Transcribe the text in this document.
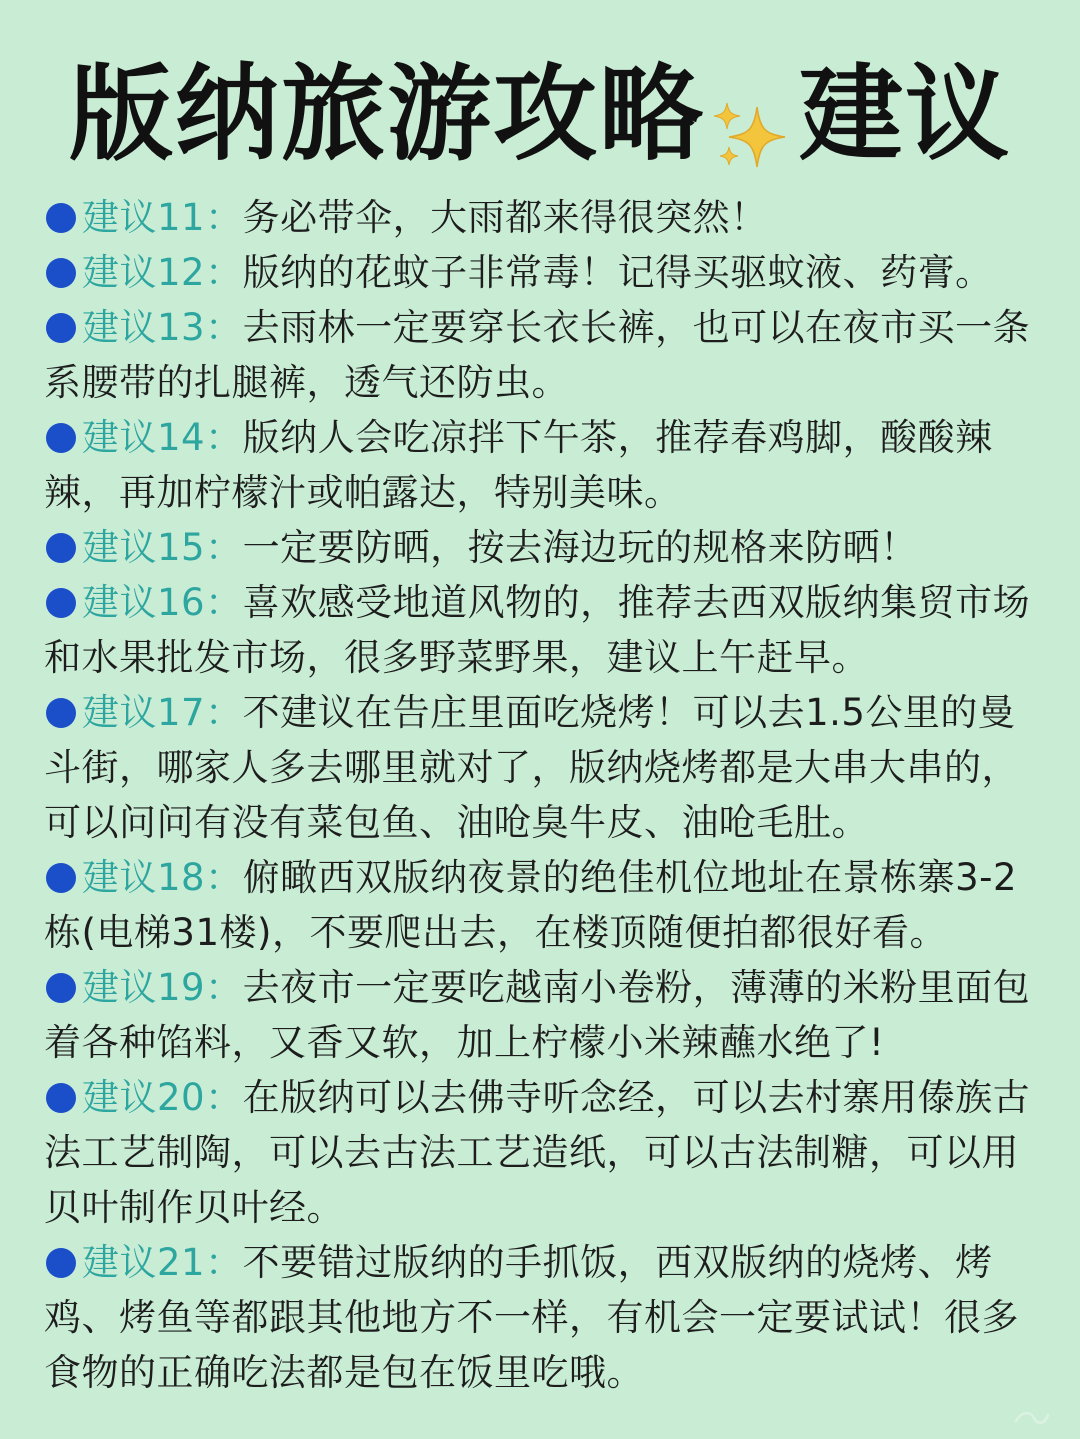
版纳旅游攻略 建议

建议11：务必带伞，大雨都来得很突然！

建议12：版纳的花蚊子非常毒！记得买驱蚊液、药膏。

建议13：去雨林一定要穿长衣长裤，也可以在夜市买一条系腰带的扎腿裤，透气还防虫。

建议14：版纳人会吃凉拌下午茶，推荐春鸡脚，酸酸辣辣，再加柠檬汁或帕露达，特别美味。

建议15：一定要防晒，按去海边玩的规格来防晒！

建议16：喜欢感受地道风物的，推荐去西双版纳集贸市场和水果批发市场，很多野菜野果，建议上午赶早。

建议17：不建议在告庄里面吃烧烤！可以去1.5公里的曼斗街，哪家人多去哪里就对了，版纳烧烤都是大串大串的，可以问问有没有菜包鱼、油呛臭牛皮、油呛毛肚。

建议18：俯瞰西双版纳夜景的绝佳机位地址在景栋寨3-2栋(电梯31楼)，不要爬出去，在楼顶随便拍都很好看。

建议19：去夜市一定要吃越南小卷粉，薄薄的米粉里面包着各种馅料，又香又软，加上柠檬小米辣蘸水绝了!

建议20：在版纳可以去佛寺听念经，可以去村寨用傣族古法工艺制陶，可以去古法工艺造纸，可以古法制糖，可以用贝叶制作贝叶经。

建议21：不要错过版纳的手抓饭，西双版纳的烧烤、烤鸡、烤鱼等都跟其他地方不一样，有机会一定要试试！很多食物的正确吃法都是包在饭里吃哦。
